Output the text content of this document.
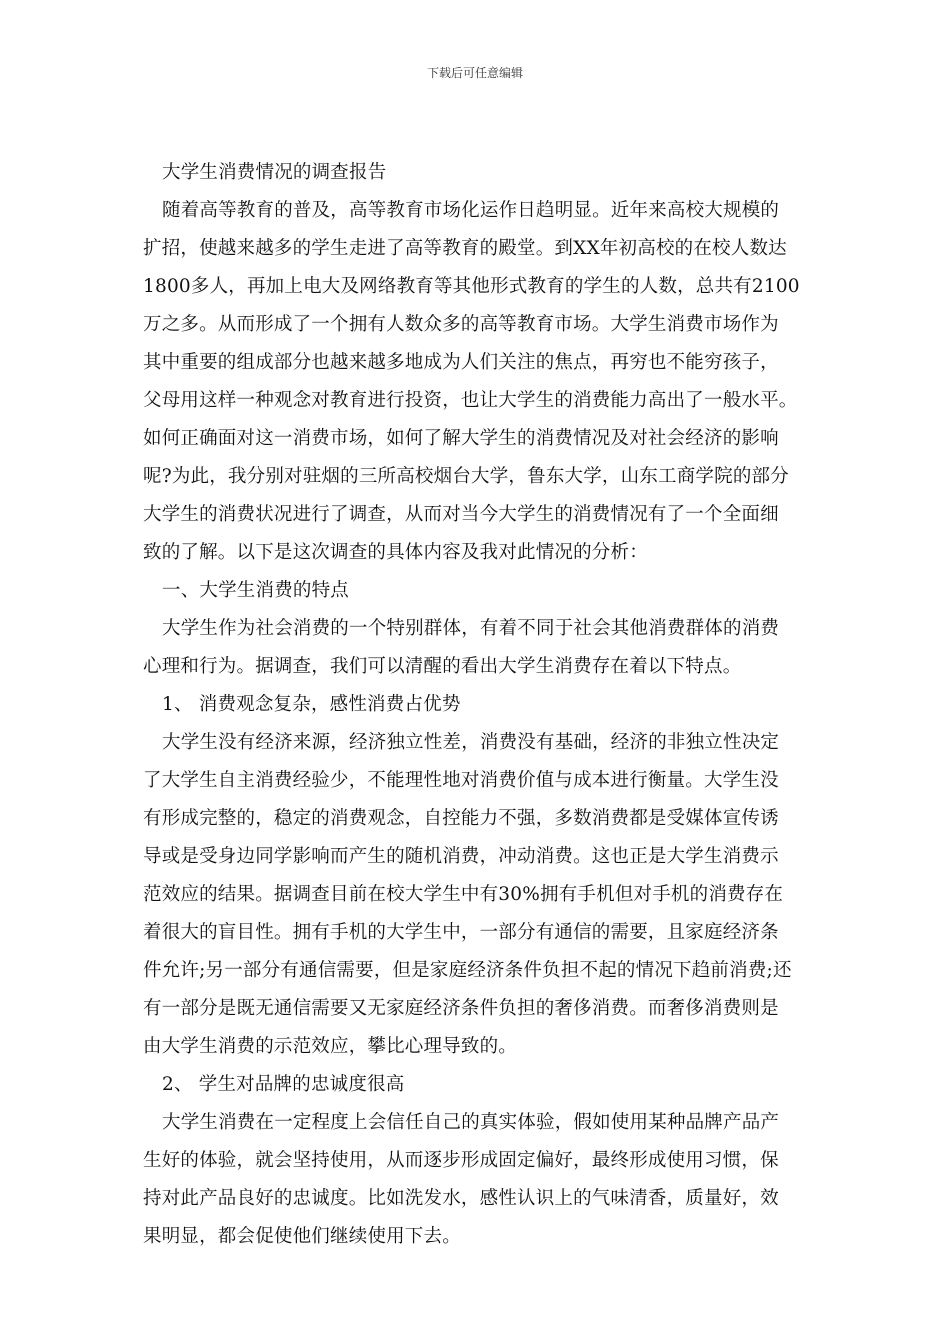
下载后可任意编辑
大学生消费情况的调查报告
随着高等教育的普及，高等教育市场化运作日趋明显。近年来高校大规模的
扩招，使越来越多的学生走进了高等教育的殿堂。到XX年初高校的在校人数达
1800多人，再加上电大及网络教育等其他形式教育的学生的人数，总共有2100
万之多。从而形成了一个拥有人数众多的高等教育市场。大学生消费市场作为
其中重要的组成部分也越来越多地成为人们关注的焦点，再穷也不能穷孩子，
父母用这样一种观念对教育进行投资，也让大学生的消费能力高出了一般水平。
如何正确面对这一消费市场，如何了解大学生的消费情况及对社会经济的影响
呢?为此，我分别对驻烟的三所高校烟台大学，鲁东大学，山东工商学院的部分
大学生的消费状况进行了调查，从而对当今大学生的消费情况有了一个全面细
致的了解。以下是这次调查的具体内容及我对此情况的分析：
一、大学生消费的特点
大学生作为社会消费的一个特别群体，有着不同于社会其他消费群体的消费
心理和行为。据调查，我们可以清醒的看出大学生消费存在着以下特点。
1、 消费观念复杂，感性消费占优势
大学生没有经济来源，经济独立性差，消费没有基础，经济的非独立性决定
了大学生自主消费经验少，不能理性地对消费价值与成本进行衡量。大学生没
有形成完整的，稳定的消费观念，自控能力不强，多数消费都是受媒体宣传诱
导或是受身边同学影响而产生的随机消费，冲动消费。这也正是大学生消费示
范效应的结果。据调查目前在校大学生中有30%拥有手机但对手机的消费存在
着很大的盲目性。拥有手机的大学生中，一部分有通信的需要，且家庭经济条
件允许;另一部分有通信需要，但是家庭经济条件负担不起的情况下趋前消费;还
有一部分是既无通信需要又无家庭经济条件负担的奢侈消费。而奢侈消费则是
由大学生消费的示范效应，攀比心理导致的。
2、 学生对品牌的忠诚度很高
大学生消费在一定程度上会信任自己的真实体验，假如使用某种品牌产品产
生好的体验，就会坚持使用，从而逐步形成固定偏好，最终形成使用习惯，保
持对此产品良好的忠诚度。比如洗发水，感性认识上的气味清香，质量好，效
果明显，都会促使他们继续使用下去。
